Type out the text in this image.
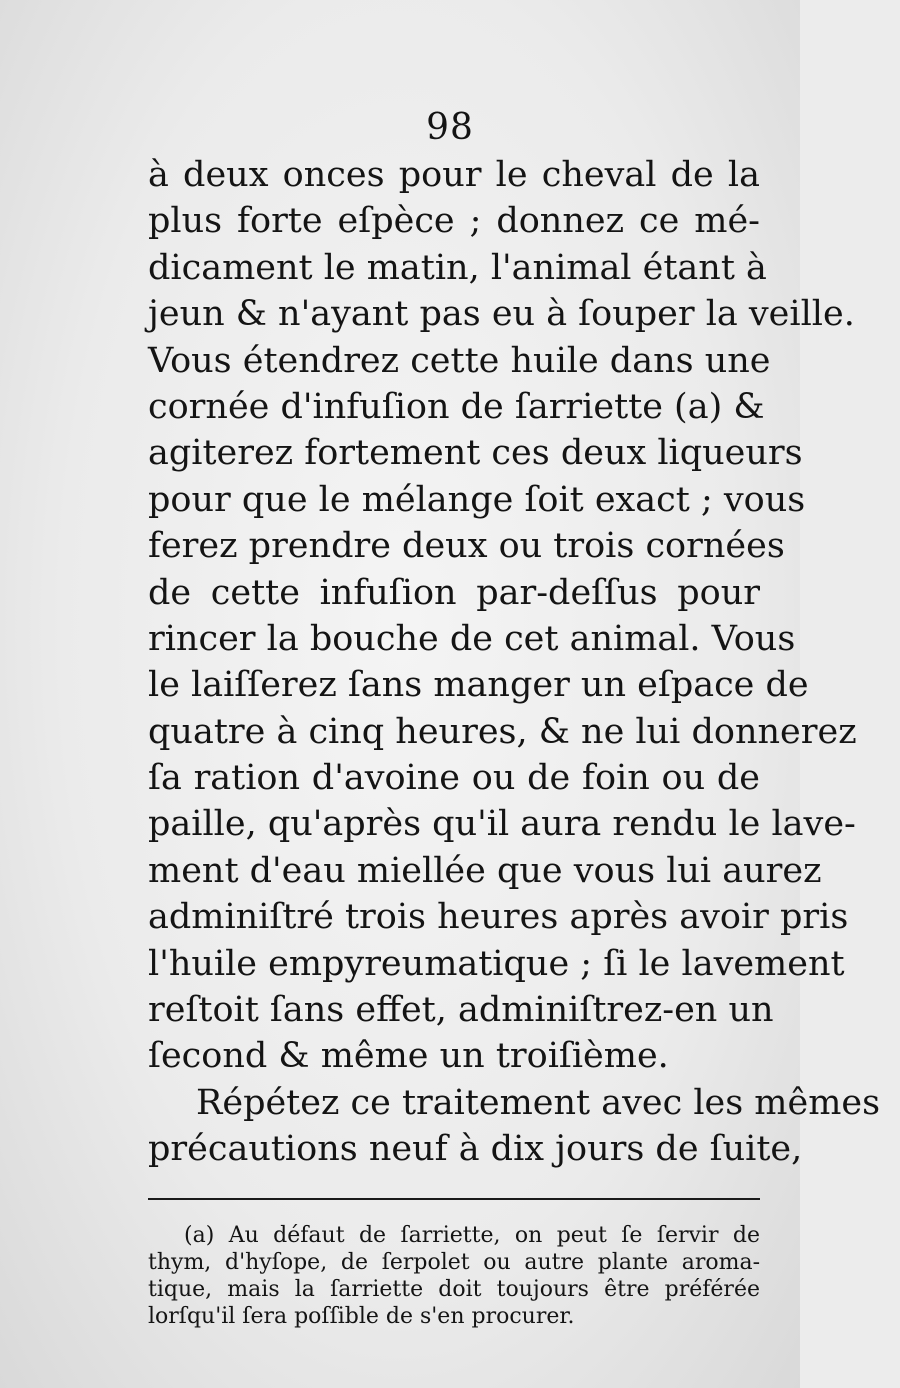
98
à deux onces pour le cheval de la
plus forte eſpèce ; donnez ce mé-
dicament le matin, l'animal étant à
jeun & n'ayant pas eu à ſouper la veille.
Vous étendrez cette huile dans une
cornée d'infuſion de ſarriette (a) &
agiterez fortement ces deux liqueurs
pour que le mélange ſoit exact ; vous
ferez prendre deux ou trois cornées
de cette infuſion par-deſſus pour
rincer la bouche de cet animal. Vous
le laiſſerez ſans manger un eſpace de
quatre à cinq heures, & ne lui donnerez
ſa ration d'avoine ou de foin ou de
paille, qu'après qu'il aura rendu le lave-
ment d'eau miellée que vous lui aurez
adminiſtré trois heures après avoir pris
l'huile empyreumatique ; ſi le lavement
reſtoit ſans effet, adminiſtrez-en un
ſecond & même un troiſième.
Répétez ce traitement avec les mêmes
précautions neuf à dix jours de ſuite,
(a) Au défaut de ſarriette, on peut ſe ſervir de
thym, d'hyſope, de ſerpolet ou autre plante aroma-
tique, mais la ſarriette doit toujours être préférée
lorſqu'il ſera poſſible de s'en procurer.
